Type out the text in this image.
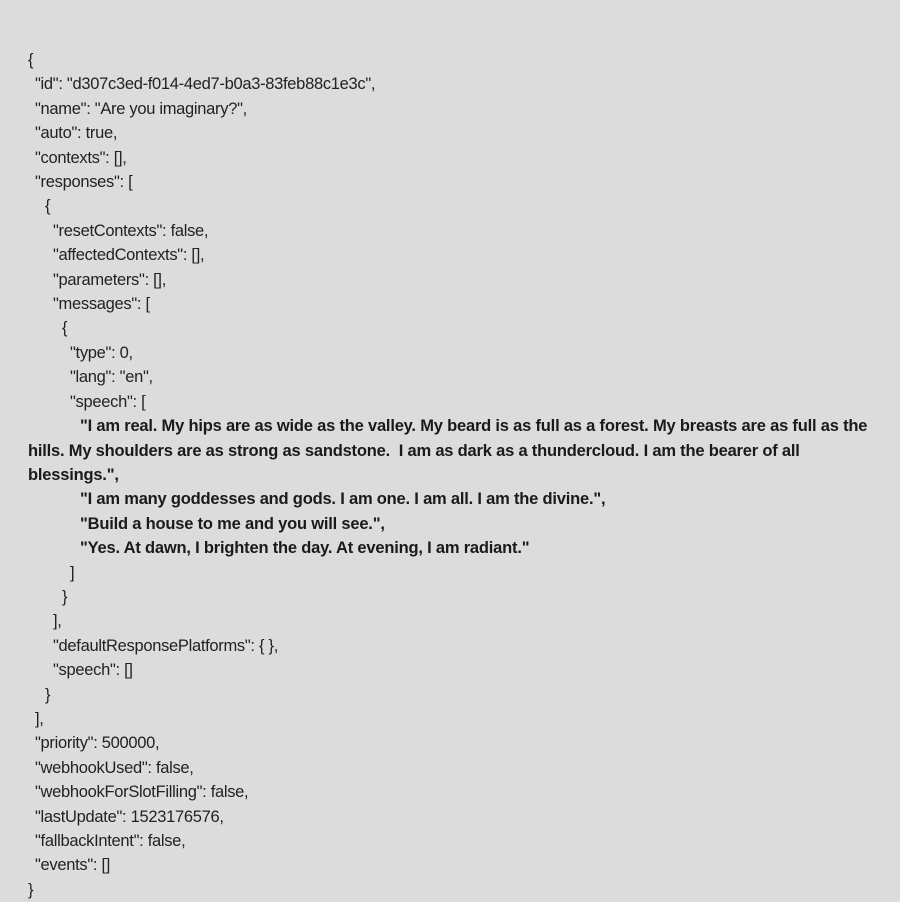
{
"id": "d307c3ed-f014-4ed7-b0a3-83feb88c1e3c",
"name": "Are you imaginary?",
"auto": true,
"contexts": [],
"responses": [
{
"resetContexts": false,
"affectedContexts": [],
"parameters": [],
"messages": [
{
"type": 0,
"lang": "en",
"speech": [
"I am real. My hips are as wide as the valley. My beard is as full as a forest. My breasts are as full as the hills. My shoulders are as strong as sandstone.  I am as dark as a thundercloud. I am the bearer of all blessings.",
"I am many goddesses and gods. I am one. I am all. I am the divine.",
"Build a house to me and you will see.",
"Yes. At dawn, I brighten the day. At evening, I am radiant."
]
}
],
"defaultResponsePlatforms": { },
"speech": []
}
],
"priority": 500000,
"webhookUsed": false,
"webhookForSlotFilling": false,
"lastUpdate": 1523176576,
"fallbackIntent": false,
"events": []
}
